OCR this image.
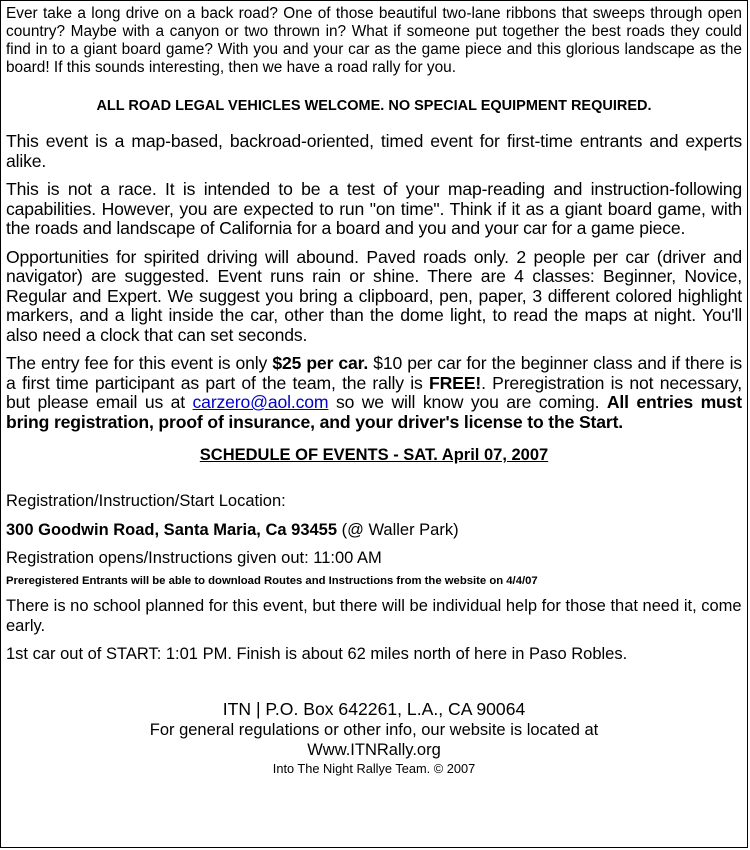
Ever take a long drive on a back road? One of those beautiful two-lane ribbons that sweeps through open country? Maybe with a canyon or two thrown in? What if someone put together the best roads they could find in to a giant board game? With you and your car as the game piece and this glorious landscape as the board! If this sounds interesting, then we have a road rally for you.

ALL ROAD LEGAL VEHICLES WELCOME. NO SPECIAL EQUIPMENT REQUIRED.

This event is a map-based, backroad-oriented, timed event for first-time entrants and experts alike.

This is not a race. It is intended to be a test of your map-reading and instruction-following capabilities. However, you are expected to run "on time". Think if it as a giant board game, with the roads and landscape of California for a board and you and your car for a game piece.

Opportunities for spirited driving will abound. Paved roads only. 2 people per car (driver and navigator) are suggested. Event runs rain or shine. There are 4 classes: Beginner, Novice, Regular and Expert. We suggest you bring a clipboard, pen, paper, 3 different colored highlight markers, and a light inside the car, other than the dome light, to read the maps at night. You'll also need a clock that can set seconds.

The entry fee for this event is only $25 per car. $10 per car for the beginner class and if there is a first time participant as part of the team, the rally is FREE!. Preregistration is not necessary, but please email us at carzero@aol.com so we will know you are coming. All entries must bring registration, proof of insurance, and your driver's license to the Start.

SCHEDULE OF EVENTS - SAT. April 07, 2007
Registration/Instruction/Start Location:
300 Goodwin Road, Santa Maria, Ca 93455 (@ Waller Park)
Registration opens/Instructions given out: 11:00 AM
Preregistered Entrants will be able to download Routes and Instructions from the website on 4/4/07
There is no school planned for this event, but there will be individual help for those that need it, come early.
1st car out of START: 1:01 PM. Finish is about 62 miles north of here in Paso Robles.
ITN | P.O. Box 642261, L.A., CA 90064
For general regulations or other info, our website is located at
Www.ITNRally.org
Into The Night Rallye Team. © 2007
